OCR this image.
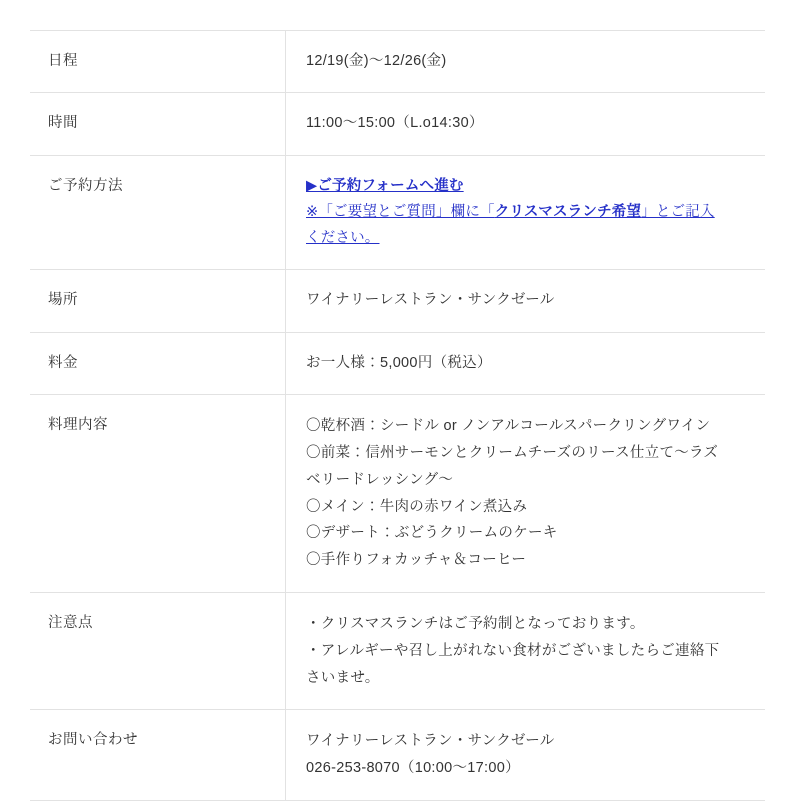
日程	12/19(金)〜12/26(金)

時間	11:00〜15:00（L.o14:30）

ご予約方法	▶ご予約フォームへ進む
※「ご要望とご質問」欄に「クリスマスランチ希望」とご記入
ください。

場所	ワイナリーレストラン・サンクゼール

料金	お一人様：5,000円（税込）

料理内容	〇乾杯酒：シードル or ノンアルコールスパークリングワイン
〇前菜：信州サーモンとクリームチーズのリース仕立て〜ラズ
ベリードレッシング〜
〇メイン：牛肉の赤ワイン煮込み
〇デザート：ぶどうクリームのケーキ
〇手作りフォカッチャ＆コーヒー

注意点	・クリスマスランチはご予約制となっております。
・アレルギーや召し上がれない食材がございましたらご連絡下
さいませ。

お問い合わせ	ワイナリーレストラン・サンクゼール
026-253-8070（10:00〜17:00）
